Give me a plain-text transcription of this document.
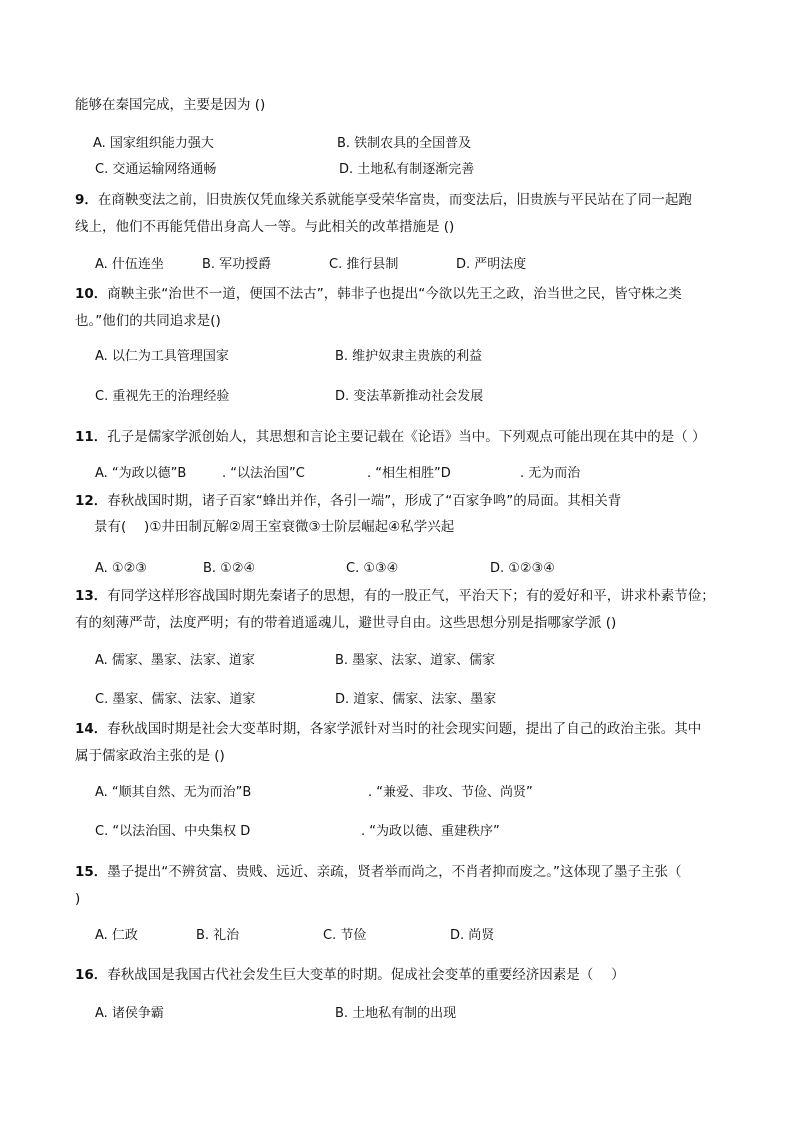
能够在秦国完成，主要是因为 ()
A. 国家组织能力强大	B. 铁制农具的全国普及
C. 交通运输网络通畅	D. 土地私有制逐渐完善
9．在商鞅变法之前，旧贵族仅凭血缘关系就能享受荣华富贵，而变法后，旧贵族与平民站在了同一起跑
线上，他们不再能凭借出身高人一等。与此相关的改革措施是 ()
A. 什伍连坐	B. 军功授爵	C. 推行县制	D. 严明法度
10．商鞅主张“治世不一道，便国不法古”，韩非子也提出“今欲以先王之政，治当世之民，皆守株之类
也。”他们的共同追求是()
A. 以仁为工具管理国家	B. 维护奴隶主贵族的利益
C. 重视先王的治理经验	D. 变法革新推动社会发展
11．孔子是儒家学派创始人，其思想和言论主要记载在《论语》当中。下列观点可能出现在其中的是（ ）
A. “为政以德”B	. “以法治国”C	. “相生相胜”D	. 无为而治
12．春秋战国时期，诸子百家“蜂出并作，各引一端”，形成了“百家争鸣”的局面。其相关背
景有(　 )①井田制瓦解②周王室衰微③士阶层崛起④私学兴起
A. ①②③	B. ①②④	C. ①③④	D. ①②③④
13．有同学这样形容战国时期先秦诸子的思想，有的一股正气，平治天下；有的爱好和平，讲求朴素节俭；
有的刻薄严苛，法度严明；有的带着逍遥魂儿，避世寻自由。这些思想分别是指哪家学派 ()
A. 儒家、墨家、法家、道家	B. 墨家、法家、道家、儒家
C. 墨家、儒家、法家、道家	D. 道家、儒家、法家、墨家
14．春秋战国时期是社会大变革时期，各家学派针对当时的社会现实问题，提出了自己的政治主张。其中
属于儒家政治主张的是 ()
A. “顺其自然、无为而治”B	. “兼爱、非攻、节俭、尚贤”
C. “以法治国、中央集权 D	. “为政以德、重建秩序”
15．墨子提出“不辨贫富、贵贱、远近、亲疏，贤者举而尚之，不肖者抑而废之。”这体现了墨子主张（
)
A. 仁政	B. 礼治	C. 节俭	D. 尚贤
16．春秋战国是我国古代社会发生巨大变革的时期。促成社会变革的重要经济因素是（　 ）
A. 诸侯争霸	B. 土地私有制的出现
